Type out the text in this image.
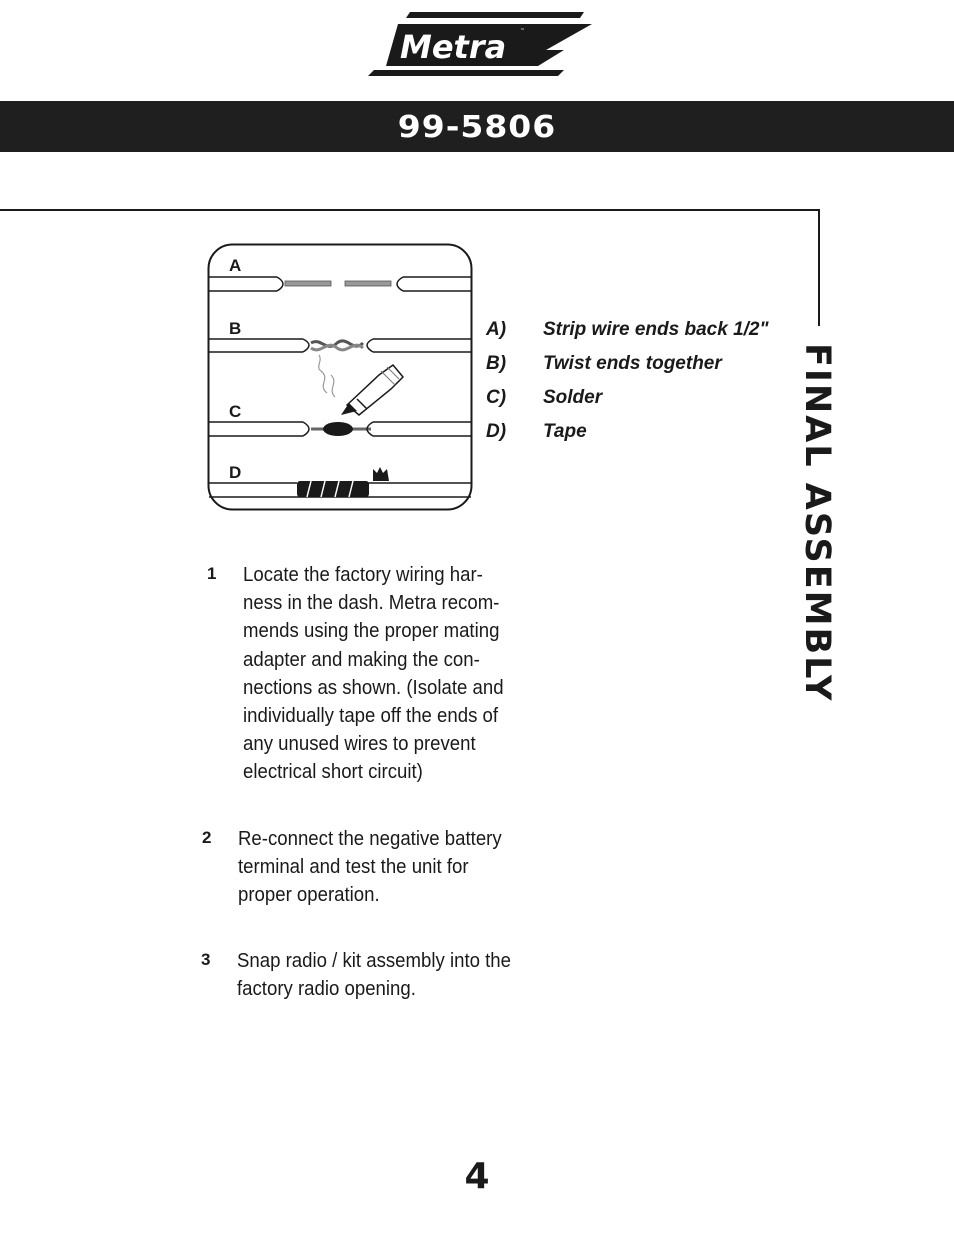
Metra	™
99-5806
FINAL ASSEMBLY
A
B
C
D
A)	Strip wire ends back 1/2"
B)	Twist ends together
C)	Solder
D)	Tape
1	Locate the factory wiring har-
ness in the dash. Metra recom-
mends using the proper mating
adapter and making the con-
nections as shown. (Isolate and
individually tape off the ends of
any unused wires to prevent
electrical short circuit)
2	Re-connect the negative battery
terminal and test the unit for
proper operation.
3	Snap radio / kit assembly into the
factory radio opening.
4
